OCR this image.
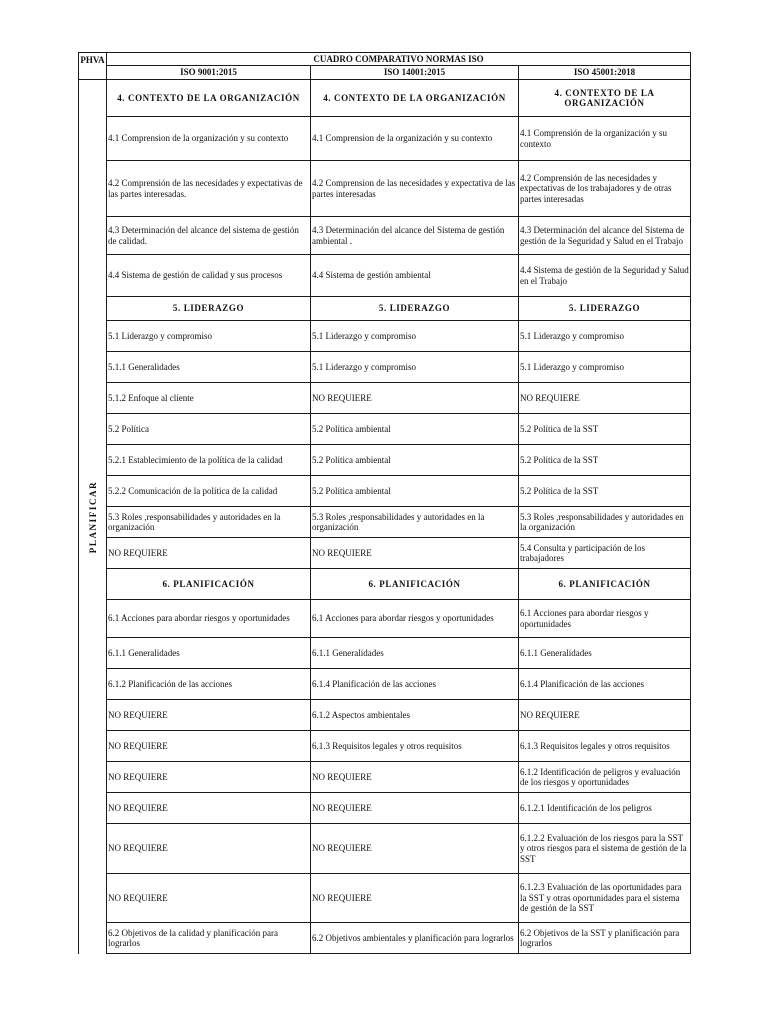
PHVA	CUADRO COMPARATIVO NORMAS ISO		
	ISO 9001:2015	ISO 14001:2015	ISO 45001:2018

PLANIFICAR	4. CONTEXTO DE LA ORGANIZACIÓN	4. CONTEXTO DE LA ORGANIZACIÓN	4. CONTEXTO DE LA ORGANIZACIÓN
	4.1 Comprension de la organización y su contexto	4.1 Comprension de la organización y su contexto	4.1 Comprensión de la organización y su contexto
	4.2 Comprensión de las necesidades y expectativas de las partes interesadas.	4.2 Comprension de las necesidades y expectativa de las partes interesadas	4.2 Comprensión de las necesidades y expectativas de los trabajadores y de otras partes interesadas
	4.3 Determinación del alcance del sistema de gestión de calidad.	4.3 Determinación del alcance del Sistema de gestión ambiental .	4.3 Determinación del alcance del Sistema de gestión de la Seguridad y Salud en el Trabajo
	4.4 Sistema de gestión de calidad y sus procesos	4.4 Sistema de gestión ambiental	4.4 Sistema de gestión de la Seguridad y Salud en el Trabajo
	5. LIDERAZGO	5. LIDERAZGO	5. LIDERAZGO
	5.1 Liderazgo y compromiso	5.1 Liderazgo y compromiso	5.1 Liderazgo y compromiso
	5.1.1 Generalidades	5.1 Liderazgo y compromiso	5.1 Liderazgo y compromiso
	5.1.2 Enfoque al cliente	NO REQUIERE	NO REQUIERE
	5.2 Política	5.2 Política ambiental	5.2 Política de la SST
	5.2.1 Establecimiento de la política de la calidad	5.2 Política ambiental	5.2 Política de la SST
	5.2.2 Comunicación de la política de la calidad	5.2 Política ambiental	5.2 Política de la SST
	5.3 Roles ,responsabilidades y autoridades en la organización	5.3 Roles ,responsabilidades y autoridades en la organización	5.3 Roles ,responsabilidades y autoridades en la organización
	NO REQUIERE	NO REQUIERE	5.4 Consulta y participación de los trabajadores
	6. PLANIFICACIÓN	6. PLANIFICACIÓN	6. PLANIFICACIÓN
	6.1 Acciones para abordar riesgos y oportunidades	6.1 Acciones para abordar riesgos y oportunidades	6.1 Acciones para abordar riesgos y oportunidades
	6.1.1 Generalidades	6.1.1 Generalidades	6.1.1 Generalidades
	6.1.2 Planificación de las acciones	6.1.4 Planificación de las acciones	6.1.4 Planificación de las acciones
	NO REQUIERE	6.1.2 Aspectos ambientales	NO REQUIERE
	NO REQUIERE	6.1.3 Requisitos legales y otros requisitos	6.1.3 Requisitos legales y otros requisitos
	NO REQUIERE	NO REQUIERE	6.1.2 Identificación de peligros y evaluación de los riesgos y oportunidades
	NO REQUIERE	NO REQUIERE	6.1.2.1 Identificación de los peligros
	NO REQUIERE	NO REQUIERE	6.1.2.2 Evaluación de los riesgos para la SST y otros riesgos para el sistema de gestión de la SST
	NO REQUIERE	NO REQUIERE	6.1.2.3 Evaluación de las oportunidades para la SST y otras oportunidades para el sistema de gestión de la SST
	6.2 Objetivos de la calidad y planificación para lograrlos	6.2 Objetivos ambientales y planificación para lograrlos	6.2 Objetivos de la SST y planificación para lograrlos
